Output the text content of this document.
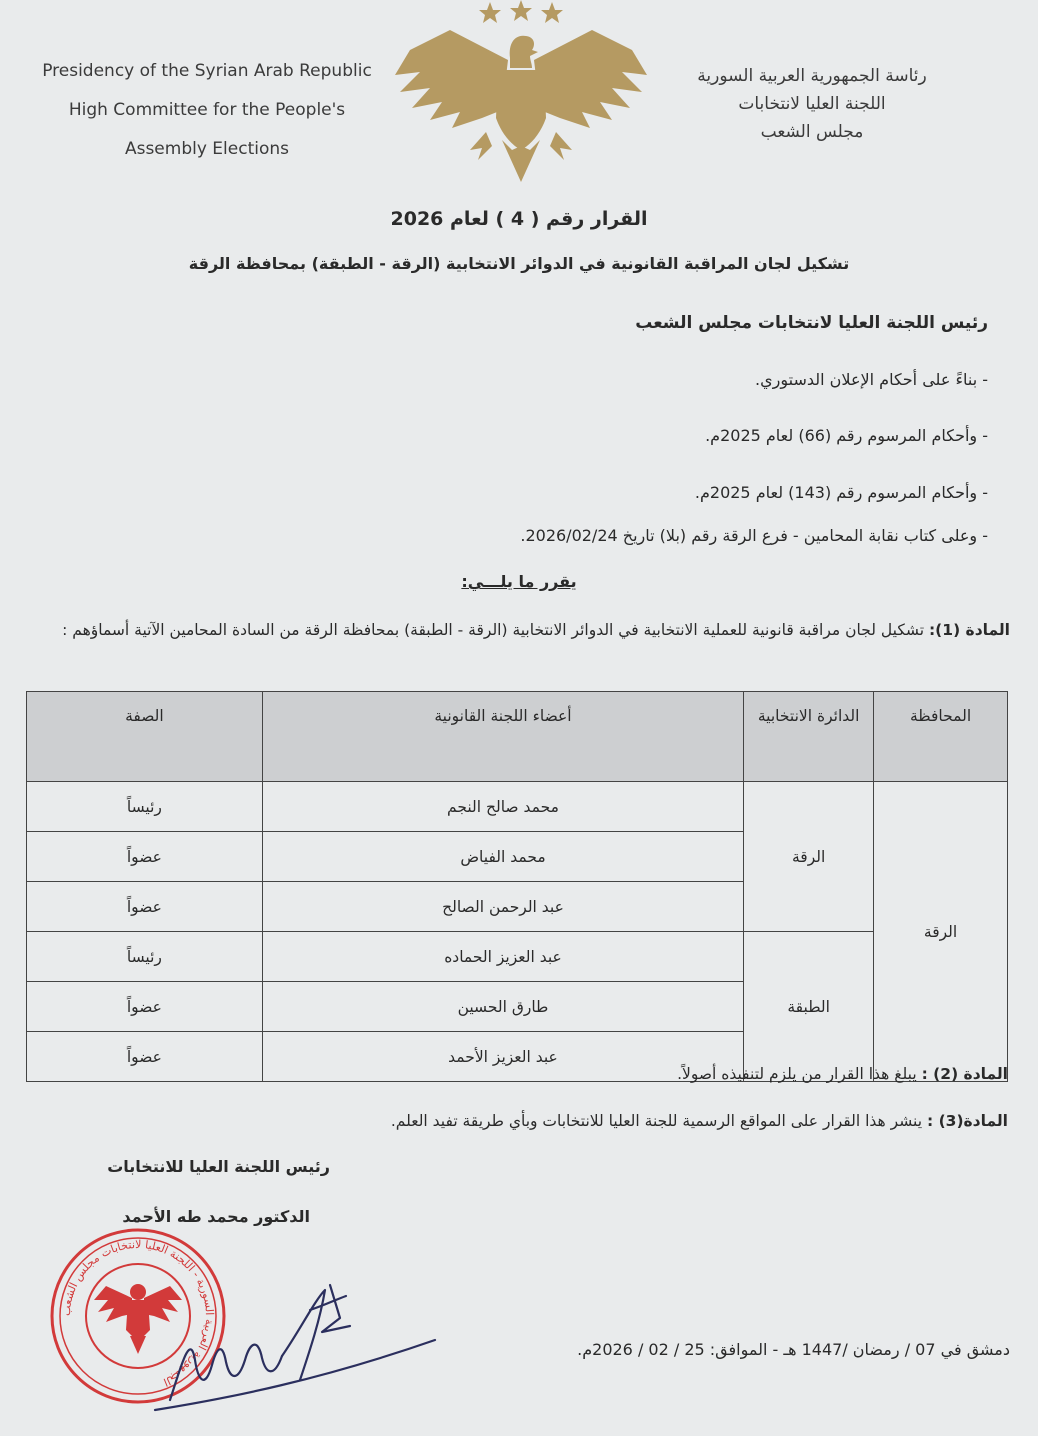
Presidency of the Syrian Arab Republic
High Committee for the People's
Assembly Elections
رئاسة الجمهورية العربية السورية
اللجنة العليا لانتخابات
مجلس الشعب
القرار رقم ( 4 ) لعام 2026
تشكيل لجان المراقبة القانونية في الدوائر الانتخابية (الرقة - الطبقة) بمحافظة الرقة
رئيس اللجنة العليا لانتخابات مجلس الشعب
- بناءً على أحكام الإعلان الدستوري.
- وأحكام المرسوم رقم (66) لعام 2025م.
- وأحكام المرسوم رقم (143) لعام 2025م.
- وعلى كتاب نقابة المحامين - فرع الرقة رقم (بلا) تاريخ 2026/02/24.
يقرر ما يلـــي:
المادة (1): تشكيل لجان مراقبة قانونية للعملية الانتخابية في الدوائر الانتخابية (الرقة - الطبقة) بمحافظة الرقة من السادة المحامين الآتية أسماؤهم :
المحافظة	الدائرة الانتخابية	أعضاء اللجنة القانونية	الصفة
الرقة	الرقة	محمد صالح النجم	رئيساً
		محمد الفياض	عضواً
		عبد الرحمن الصالح	عضواً
	الطبقة	عبد العزيز الحماده	رئيساً
		طارق الحسين	عضواً
		عبد العزيز الأحمد	عضواً
المادة (2) : يبلغ هذا القرار من يلزم لتنفيذه أصولاً.
المادة(3) : ينشر هذا القرار على المواقع الرسمية للجنة العليا للانتخابات وبأي طريقة تفيد العلم.
رئيس اللجنة العليا للانتخابات
الدكتور محمد طه الأحمد
الجمهورية العربية السورية - اللجنة العليا لانتخابات مجلس الشعب
دمشق في 07 / رمضان /1447 هـ - الموافق: 25 / 02 / 2026م.
